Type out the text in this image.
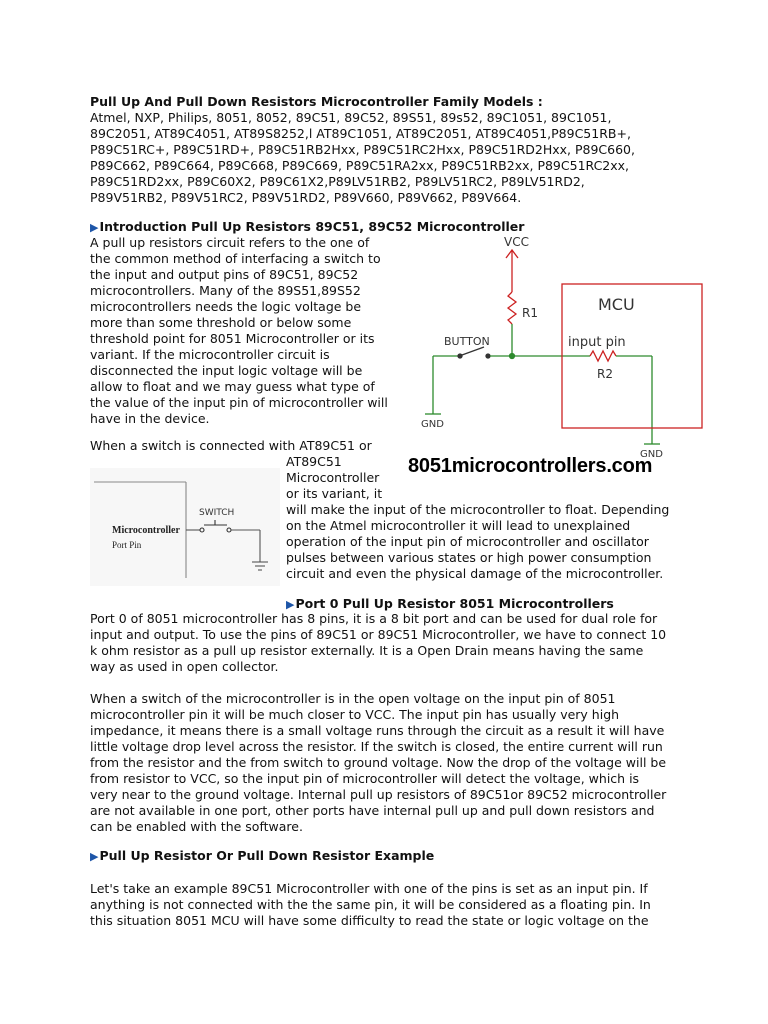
Pull Up And Pull Down Resistors Microcontroller Family Models :

Atmel, NXP, Philips, 8051, 8052, 89C51, 89C52, 89S51, 89s52, 89C1051, 89C1051,

89C2051, AT89C4051, AT89S8252,l AT89C1051, AT89C2051, AT89C4051,P89C51RB+,

P89C51RC+, P89C51RD+, P89C51RB2Hxx, P89C51RC2Hxx, P89C51RD2Hxx, P89C660,

P89C662, P89C664, P89C668, P89C669, P89C51RA2xx, P89C51RB2xx, P89C51RC2xx,

P89C51RD2xx, P89C60X2, P89C61X2,P89LV51RB2, P89LV51RC2, P89LV51RD2,

P89V51RB2, P89V51RC2, P89V51RD2, P89V660, P89V662, P89V664.

▶Introduction Pull Up Resistors 89C51, 89C52 Microcontroller

A pull up resistors circuit refers to the one of

the common method of interfacing a switch to

the input and output pins of 89C51, 89C52

microcontrollers. Many of the 89S51,89S52

microcontrollers needs the logic voltage be

more than some threshold or below some

threshold point for 8051 Microcontroller or its

variant. If the microcontroller circuit is

disconnected the input logic voltage will be

allow to float and we may guess what type of

the value of the input pin of microcontroller will

have in the device.

VCC
R1	MCU
BUTTON	input pin
R2
GND
GND
8051microcontrollers.com

When a switch is connected with AT89C51 or

AT89C51

Microcontroller

or its variant, it

will make the input of the microcontroller to float. Depending

on the Atmel microcontroller it will lead to unexplained

operation of the input pin of microcontroller and oscillator

pulses between various states or high power consumption

circuit and even the physical damage of the microcontroller.

SWITCH
Microcontroller
Port Pin
▶Port 0 Pull Up Resistor 8051 Microcontrollers

Port 0 of 8051 microcontroller has 8 pins, it is a 8 bit port and can be used for dual role for

input and output. To use the pins of 89C51 or 89C51 Microcontroller, we have to connect 10

k ohm resistor as a pull up resistor externally. It is a Open Drain means having the same

way as used in open collector.

When a switch of the microcontroller is in the open voltage on the input pin of 8051

microcontroller pin it will be much closer to VCC. The input pin has usually very high

impedance, it means there is a small voltage runs through the circuit as a result it will have

little voltage drop level across the resistor. If the switch is closed, the entire current will run

from the resistor and the from switch to ground voltage. Now the drop of the voltage will be

from resistor to VCC, so the input pin of microcontroller will detect the voltage, which is

very near to the ground voltage. Internal pull up resistors of 89C51or 89C52 microcontroller

are not available in one port, other ports have internal pull up and pull down resistors and

can be enabled with the software.

▶Pull Up Resistor Or Pull Down Resistor Example

Let's take an example 89C51 Microcontroller with one of the pins is set as an input pin. If

anything is not connected with the the same pin, it will be considered as a floating pin. In

this situation 8051 MCU will have some difficulty to read the state or logic voltage on the
